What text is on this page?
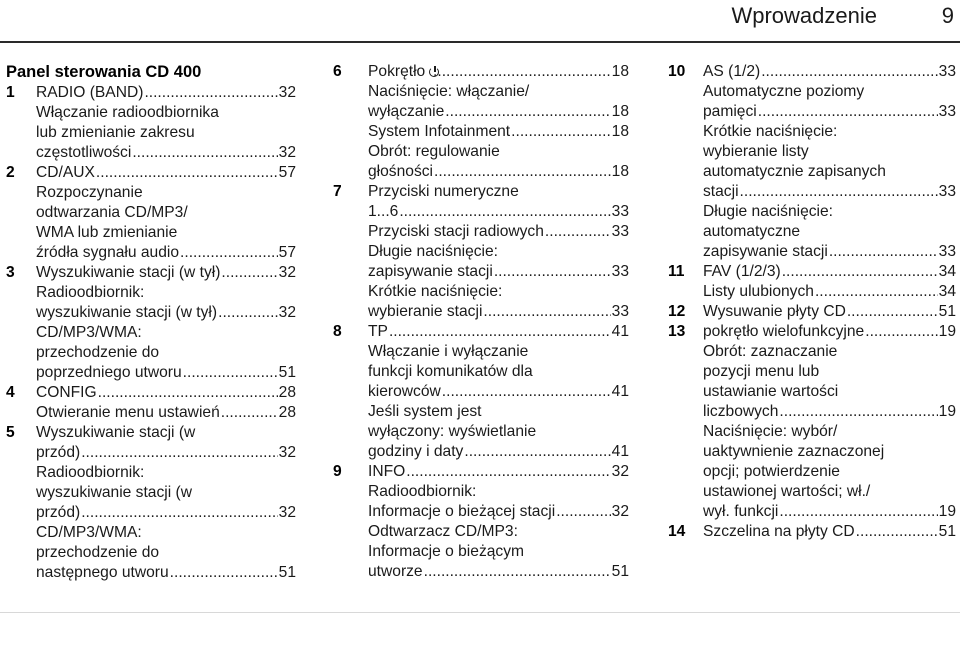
Wprowadzenie	9
Panel sterowania CD 400
1	RADIO (BAND) .....	32
Włączanie radioodbiornika
lub zmienianie zakresu
częstotliwości .....	32
2	CD/AUX .....	57
Rozpoczynanie
odtwarzania CD/MP3/
WMA lub zmienianie
źródła sygnału audio .....	57
3	Wyszukiwanie stacji (w tył) .....	32
Radioodbiornik:
wyszukiwanie stacji (w tył) .....	32
CD/MP3/WMA:
przechodzenie do
poprzedniego utworu .....	51
4	CONFIG .....	28
Otwieranie menu ustawień .....	28
5	Wyszukiwanie stacji (w
przód) .....	32
Radioodbiornik:
wyszukiwanie stacji (w
przód) .....	32
CD/MP3/WMA:
przechodzenie do
następnego utworu .....	51
6	Pokrętło .....	18
Naciśnięcie: włączanie/
wyłączanie .....	18
System Infotainment .....	18
Obrót: regulowanie
głośności .....	18
7	Przyciski numeryczne
1...6 .....	33
Przyciski stacji radiowych .....	33
Długie naciśnięcie:
zapisywanie stacji .....	33
Krótkie naciśnięcie:
wybieranie stacji .....	33
8	TP .....	41
Włączanie i wyłączanie
funkcji komunikatów dla
kierowców .....	41
Jeśli system jest
wyłączony: wyświetlanie
godziny i daty .....	41
9	INFO .....	32
Radioodbiornik:
Informacje o bieżącej stacji .....	32
Odtwarzacz CD/MP3:
Informacje o bieżącym
utworze .....	51
10	AS (1/2) .....	33
Automatyczne poziomy
pamięci .....	33
Krótkie naciśnięcie:
wybieranie listy
automatycznie zapisanych
stacji .....	33
Długie naciśnięcie:
automatyczne
zapisywanie stacji .....	33
11	FAV (1/2/3) .....	34
Listy ulubionych .....	34
12	Wysuwanie płyty CD .....	51
13	pokrętło wielofunkcyjne .....	19
Obrót: zaznaczanie
pozycji menu lub
ustawianie wartości
liczbowych .....	19
Naciśnięcie: wybór/
uaktywnienie zaznaczonej
opcji; potwierdzenie
ustawionej wartości; wł./
wył. funkcji .....	19
14	Szczelina na płyty CD .....	51
